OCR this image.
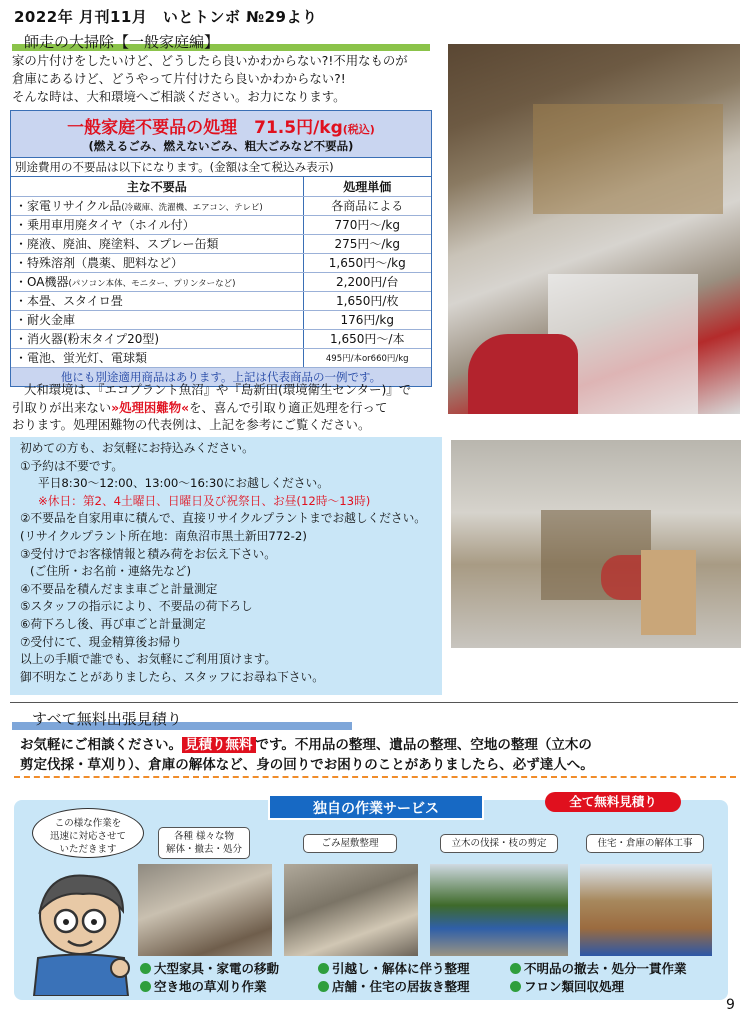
2022年 月刊11月　いとトンボ №29より
師走の大掃除【一般家庭編】
家の片付けをしたいけど、どうしたら良いかわからない?!不用なものが
倉庫にあるけど、どうやって片付けたら良いかわからない?!
そんな時は、大和環境へご相談ください。お力になります。
一般家庭不要品の処理　71.5円/kg(税込)
(燃えるごみ、燃えないごみ、粗大ごみなど不要品)
別途費用の不要品は以下になります。(金額は全て税込み表示)
主な不要品	処理単価
・家電リサイクル品(冷蔵庫、洗濯機、エアコン、テレビ)	各商品による
・乗用車用廃タイヤ（ホイル付）	770円～/kg
・廃液、廃油、廃塗料、スプレー缶類	275円～/kg
・特殊溶剤（農薬、肥料など）	1,650円～/kg
・OA機器(パソコン本体、モニター、プリンターなど)	2,200円/台
・本畳、スタイロ畳	1,650円/枚
・耐火金庫	176円/kg
・消火器(粉末タイプ20型)	1,650円～/本
・電池、蛍光灯、電球類	495円/本or660円/kg
他にも別途適用商品はあります。上記は代表商品の一例です。
大和環境は、『エコプラント魚沼』や『島新田(環境衛生センター)』で
引取りが出来ない»処理困難物«を、喜んで引取り適正処理を行って
おります。処理困難物の代表例は、上記を参考にご覧ください。
初めての方も、お気軽にお持込みください。
①予約は不要です。
平日8:30～12:00、13:00～16:30にお越しください。
※休日：第2、4土曜日、日曜日及び祝祭日、お昼(12時～13時)
②不要品を自家用車に積んで、直接リサイクルプラントまでお越しください。
(リサイクルプラント所在地：南魚沼市黒土新田772-2)
③受付けでお客様情報と積み荷をお伝え下さい。
(ご住所・お名前・連絡先など)
④不要品を積んだまま車ごと計量測定
⑤スタッフの指示により、不要品の荷下ろし
⑥荷下ろし後、再び車ごと計量測定
⑦受付にて、現金精算後お帰り
以上の手順で誰でも、お気軽にご利用頂けます。
御不明なことがありましたら、スタッフにお尋ね下さい。
すべて無料出張見積り
お気軽にご相談ください。 見積り無料 です。不用品の整理、遺品の整理、空地の整理（立木の
剪定伐採・草刈り）、倉庫の解体など、身の回りでお困りのことがありましたら、必ず達人へ。
独自の作業サービス	全て無料見積り
この様な作業を
迅速に対応させて
いただきます
各種 様々な物
解体・撤去・処分
ごみ屋敷整理	立木の伐採・枝の剪定	住宅・倉庫の解体工事
大型家具・家電の移動	引越し・解体に伴う整理	不明品の撤去・処分一貫作業
空き地の草刈り作業	店舗・住宅の居抜き整理	フロン類回収処理
9
